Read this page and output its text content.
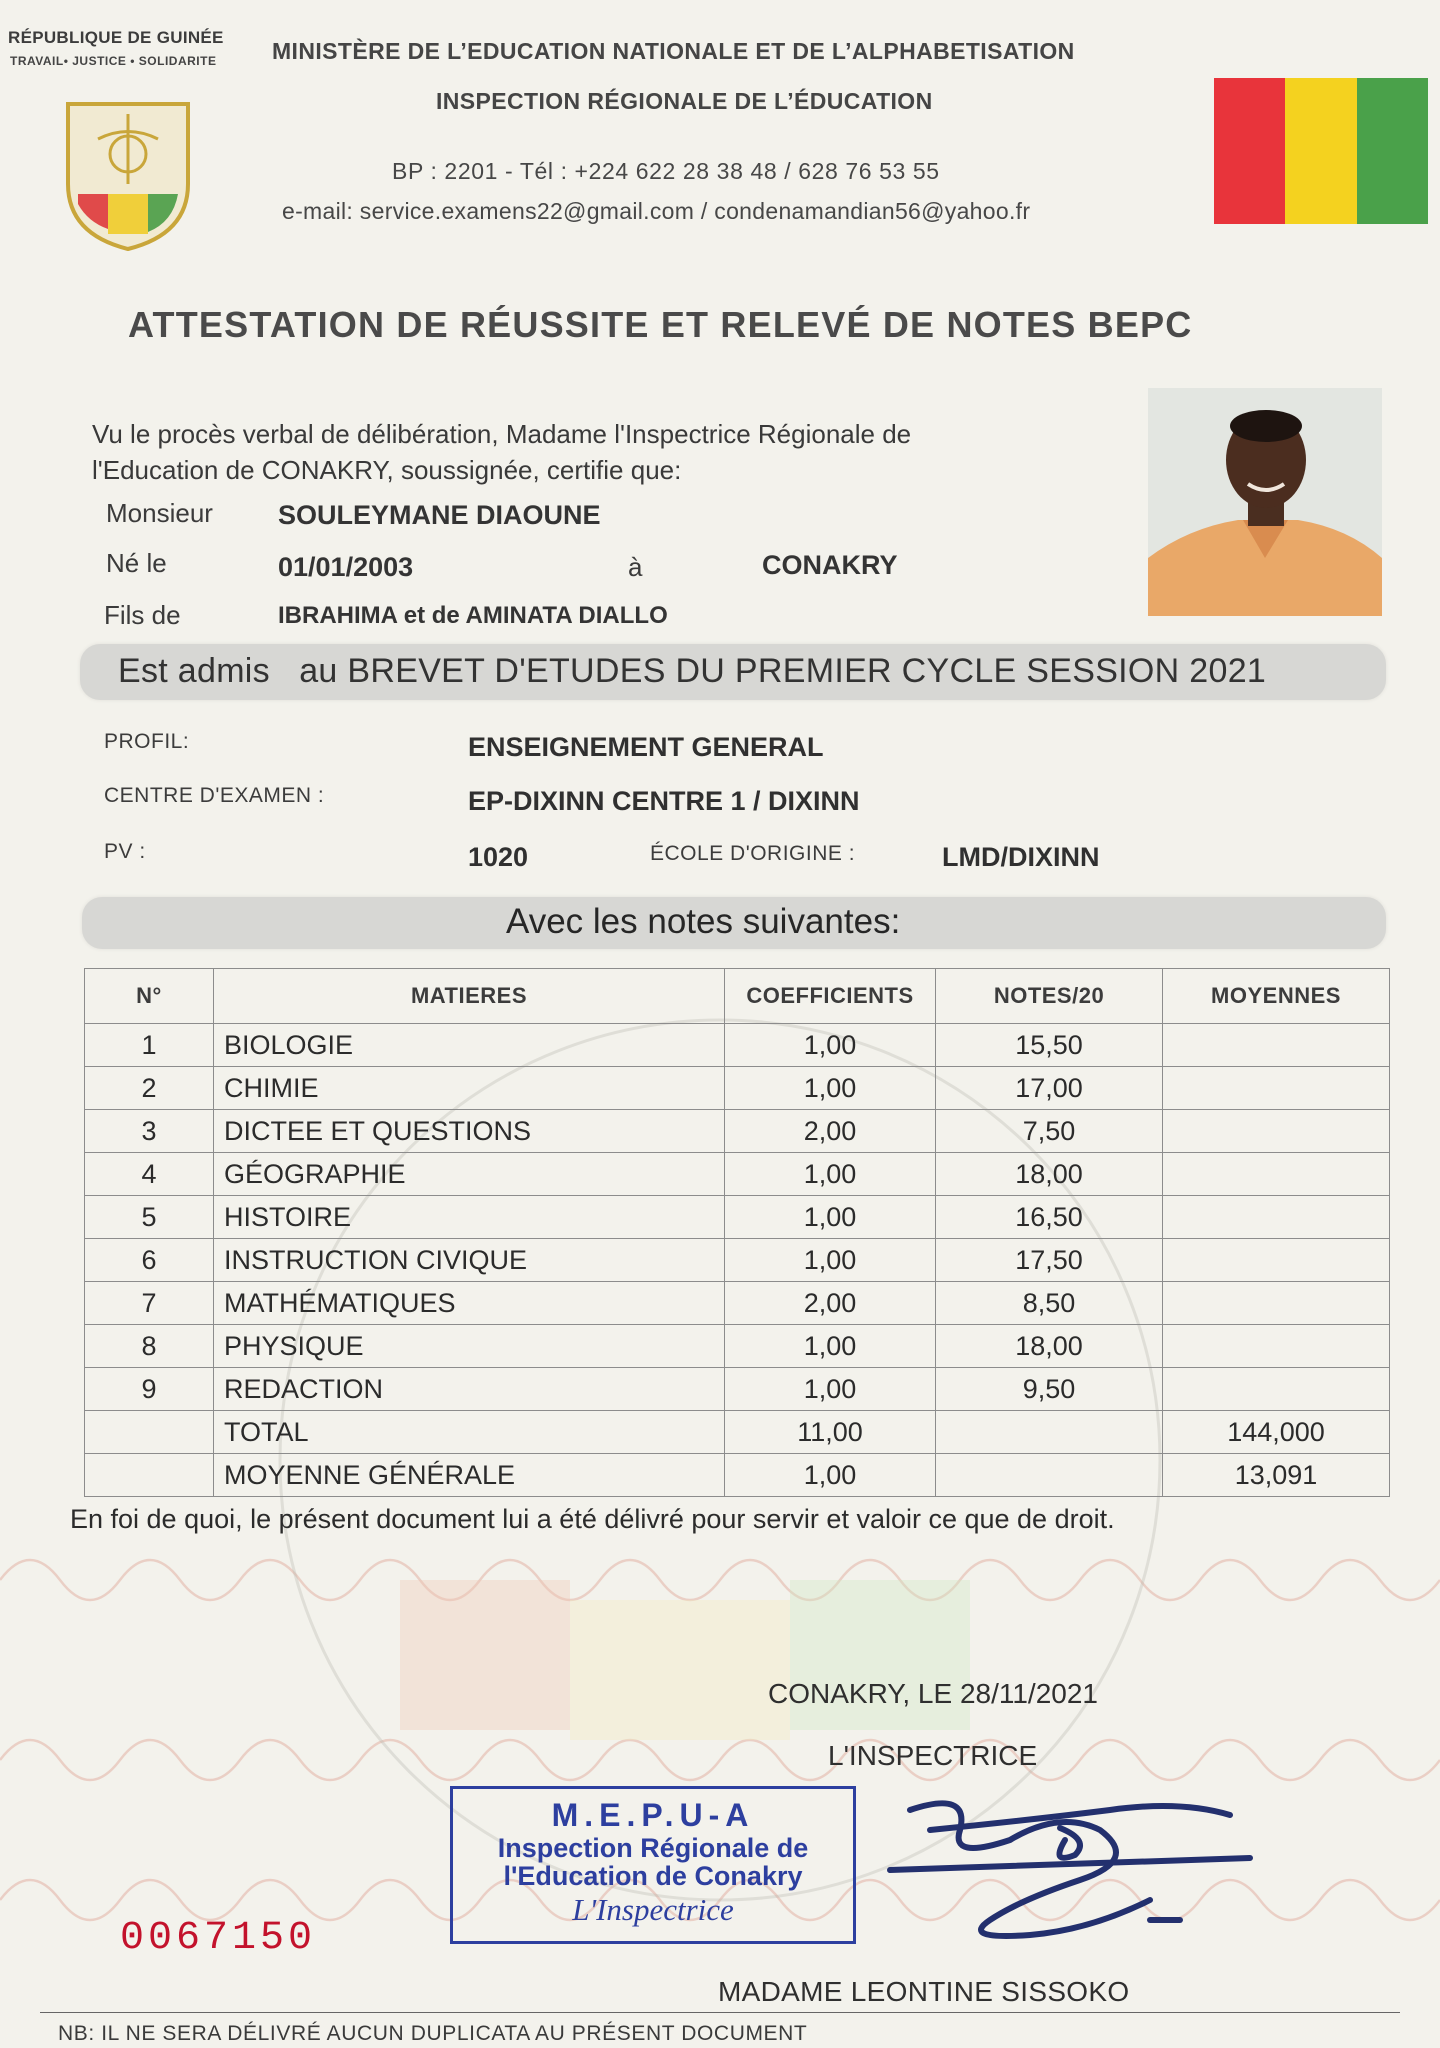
RÉPUBLIQUE DE GUINÉE
TRAVAIL• JUSTICE • SOLIDARITE MINISTÈRE DE L’EDUCATION NATIONALE ET DE L’ALPHABETISATION
INSPECTION RÉGIONALE DE L’ÉDUCATION
BP : 2201 - Tél : +224 622 28 38 48 / 628 76 53 55
e-mail: service.examens22@gmail.com / condenamandian56@yahoo.fr
ATTESTATION DE RÉUSSITE ET RELEVÉ DE NOTES BEPC
Vu le procès verbal de délibération, Madame l'Inspectrice Régionale de
l'Education de CONAKRY, soussignée, certifie que:
Monsieur SOULEYMANE DIAOUNE
Né le	01/01/2003	à	CONAKRY
Fils de	IBRAHIMA et de AMINATA DIALLO
Est admis au BREVET D'ETUDES DU PREMIER CYCLE SESSION 2021
PROFIL:	ENSEIGNEMENT GENERAL
CENTRE D'EXAMEN :	EP-DIXINN CENTRE 1 / DIXINN
PV :	1020	ÉCOLE D'ORIGINE :	LMD/DIXINN
Avec les notes suivantes:
N°	MATIERES	COEFFICIENTS	NOTES/20	MOYENNES
1	BIOLOGIE	1,00	15,50	
2	CHIMIE	1,00	17,00	
3	DICTEE ET QUESTIONS	2,00	7,50	
4	GÉOGRAPHIE	1,00	18,00	
5	HISTOIRE	1,00	16,50	
6	INSTRUCTION CIVIQUE	1,00	17,50	
7	MATHÉMATIQUES	2,00	8,50	
8	PHYSIQUE	1,00	18,00	
9	REDACTION	1,00	9,50	
	TOTAL	11,00		144,000
	MOYENNE GÉNÉRALE	1,00		13,091
En foi de quoi, le présent document lui a été délivré pour servir et valoir ce que de droit.
CONAKRY, LE 28/11/2021
L'INSPECTRICE
M.E.P.U-A
Inspection Régionale de
l'Education de Conakry
L'Inspectrice
0067150
MADAME LEONTINE SISSOKO
NB: IL NE SERA DÉLIVRÉ AUCUN DUPLICATA AU PRÉSENT DOCUMENT
